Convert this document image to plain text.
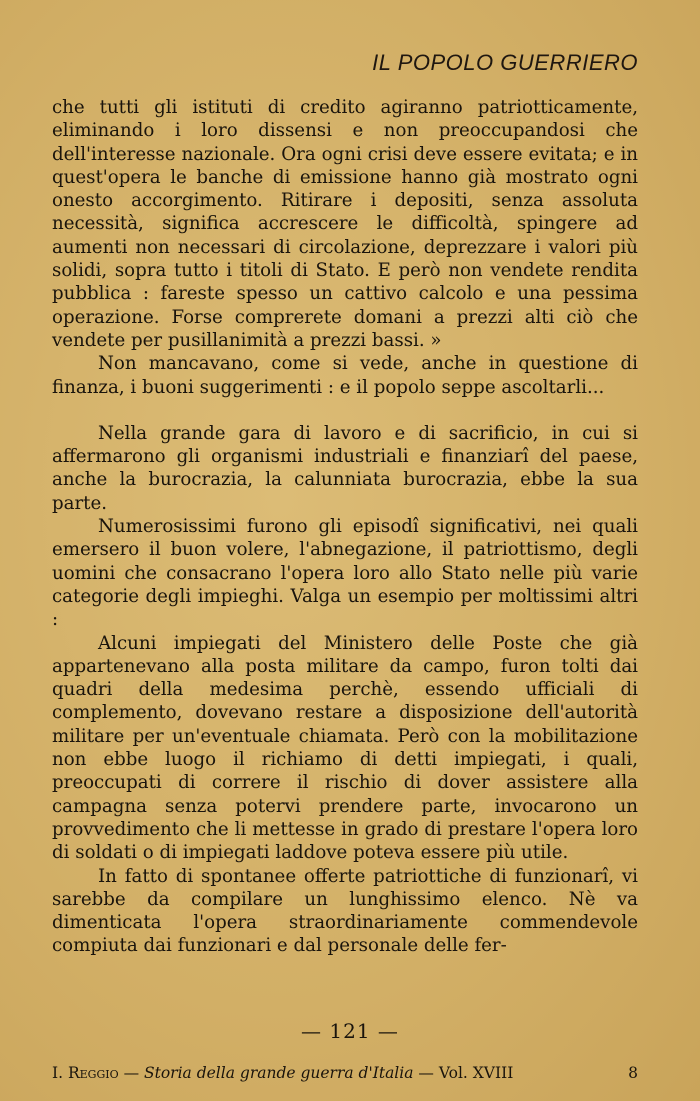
IL POPOLO GUERRIERO

che tutti gli istituti di credito agiranno patriotticamente, eliminando i loro dissensi e non preoccupandosi che dell'interesse nazionale. Ora ogni crisi deve essere evitata; e in quest'opera le banche di emissione hanno già mostrato ogni onesto accorgimento. Ritirare i depositi, senza assoluta necessità, significa accrescere le difficoltà, spingere ad aumenti non necessari di circolazione, deprezzare i valori più solidi, sopra tutto i titoli di Stato. E però non vendete rendita pubblica : fareste spesso un cattivo calcolo e una pessima operazione. Forse comprerete domani a prezzi alti ciò che vendete per pusillanimità a prezzi bassi. »

Non mancavano, come si vede, anche in questione di finanza, i buoni suggerimenti : e il popolo seppe ascoltarli...

Nella grande gara di lavoro e di sacrificio, in cui si affermarono gli organismi industriali e finanziarî del paese, anche la burocrazia, la calunniata burocrazia, ebbe la sua parte.

Numerosissimi furono gli episodî significativi, nei quali emersero il buon volere, l'abnegazione, il patriottismo, degli uomini che consacrano l'opera loro allo Stato nelle più varie categorie degli impieghi. Valga un esempio per moltissimi altri :

Alcuni impiegati del Ministero delle Poste che già appartenevano alla posta militare da campo, furon tolti dai quadri della medesima perchè, essendo ufficiali di complemento, dovevano restare a disposizione dell'autorità militare per un'eventuale chiamata. Però con la mobilitazione non ebbe luogo il richiamo di detti impiegati, i quali, preoccupati di correre il rischio di dover assistere alla campagna senza potervi prendere parte, invocarono un provvedimento che li mettesse in grado di prestare l'opera loro di soldati o di impiegati laddove poteva essere più utile.

In fatto di spontanee offerte patriottiche di funzionarî, vi sarebbe da compilare un lunghissimo elenco. Nè va dimenticata l'opera straordinariamente commendevole compiuta dai funzionari e dal personale delle fer-

— 121 —
I. Reggio — Storia della grande guerra d'Italia — Vol. XVIII	8
